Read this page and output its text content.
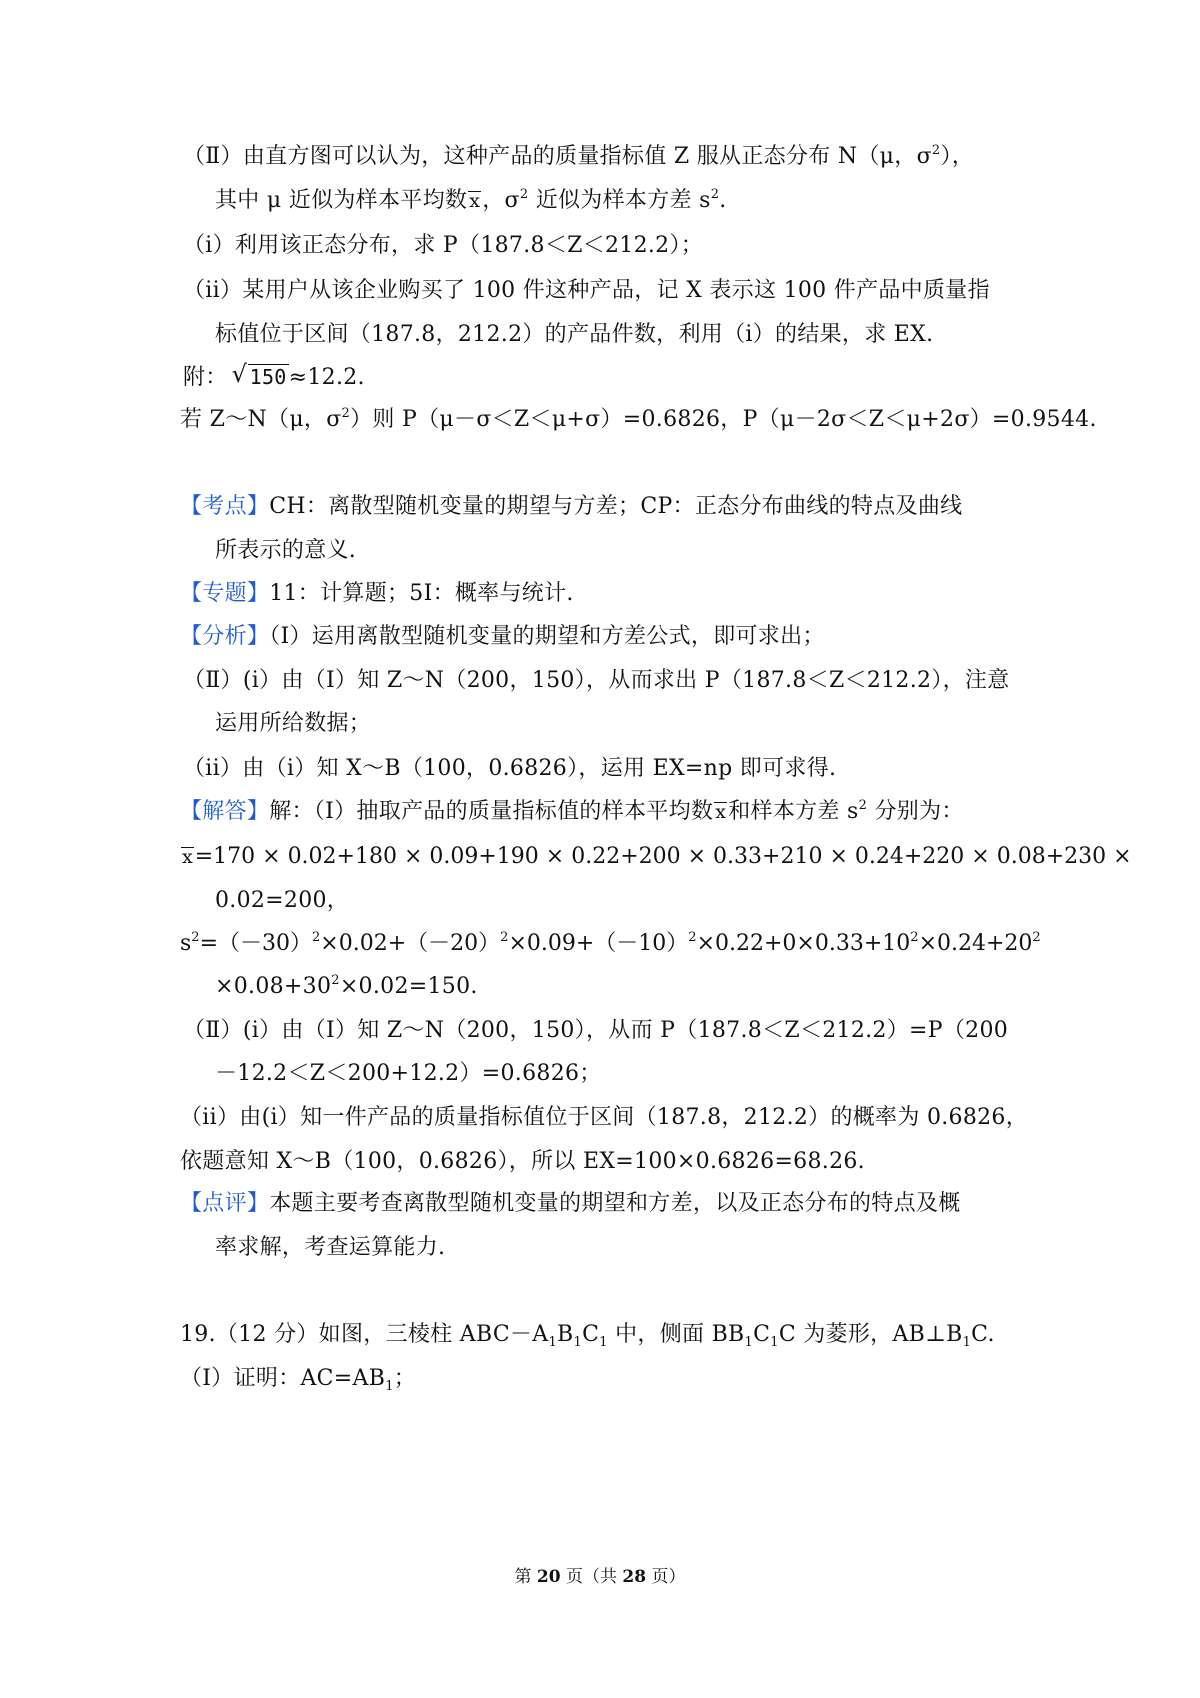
（Ⅱ）由直方图可以认为，这种产品的质量指标值 Z 服从正态分布 N（μ，$\sigma^2$），
其中 μ 近似为样本平均数 x，$\sigma^2$ 近似为样本方差 $s^2$.
（i）利用该正态分布，求 P（187.8＜Z＜212.2）；
（ii）某用户从该企业购买了 100 件这种产品，记 X 表示这 100 件产品中质量指
标值位于区间（187.8，212.2）的产品件数，利用（i）的结果，求 EX.
附： √ 150≈12.2.
若 Z～N（μ，$\sigma^2$）则 P（μ－σ＜Z＜μ+σ）=0.6826，P（μ－2σ＜Z＜μ+2σ）=0.9544.
【考点】CH：离散型随机变量的期望与方差；CP：正态分布曲线的特点及曲线
所表示的意义.
【专题】11：计算题；5I：概率与统计.
【分析】（Ⅰ）运用离散型随机变量的期望和方差公式，即可求出；
（Ⅱ）(i）由（Ⅰ）知 Z～N（200，150），从而求出 P（187.8＜Z＜212.2），注意
运用所给数据；
（ii）由（i）知 X～B（100，0.6826），运用 EX=np 即可求得.
【解答】解：（Ⅰ）抽取产品的质量指标值的样本平均数 x和样本方差 $s^2$ 分别为：
x=170 × 0.02+180 × 0.09+190 × 0.22+200 × 0.33+210 × 0.24+220 × 0.08+230 ×
0.02=200，
$s^2=(-30)^2\times 0.02+(-20)^2\times 0.09+(-10)^2\times 0.22+0\times 0.33+10^2\times 0.24+20^2$
$\times 0.08+30^2\times 0.02=150$.
（Ⅱ）(i）由（Ⅰ）知 Z～N（200，150），从而 P（187.8＜Z＜212.2）=P（200
－12.2＜Z＜200+12.2）=0.6826；
（ii）由(i）知一件产品的质量指标值位于区间（187.8，212.2）的概率为 0.6826，
依题意知 X～B（100，0.6826），所以 EX=100×0.6826=68.26.
【点评】本题主要考查离散型随机变量的期望和方差，以及正态分布的特点及概
率求解，考查运算能力.
19.（12 分）如图，三棱柱 $ABC-A_1B_1C_1$ 中，侧面 $BB_1C_1C$ 为菱形，$AB\perp B_1C$.
（Ⅰ）证明：$AC=AB_1$；
第 20 页（共 28 页）
